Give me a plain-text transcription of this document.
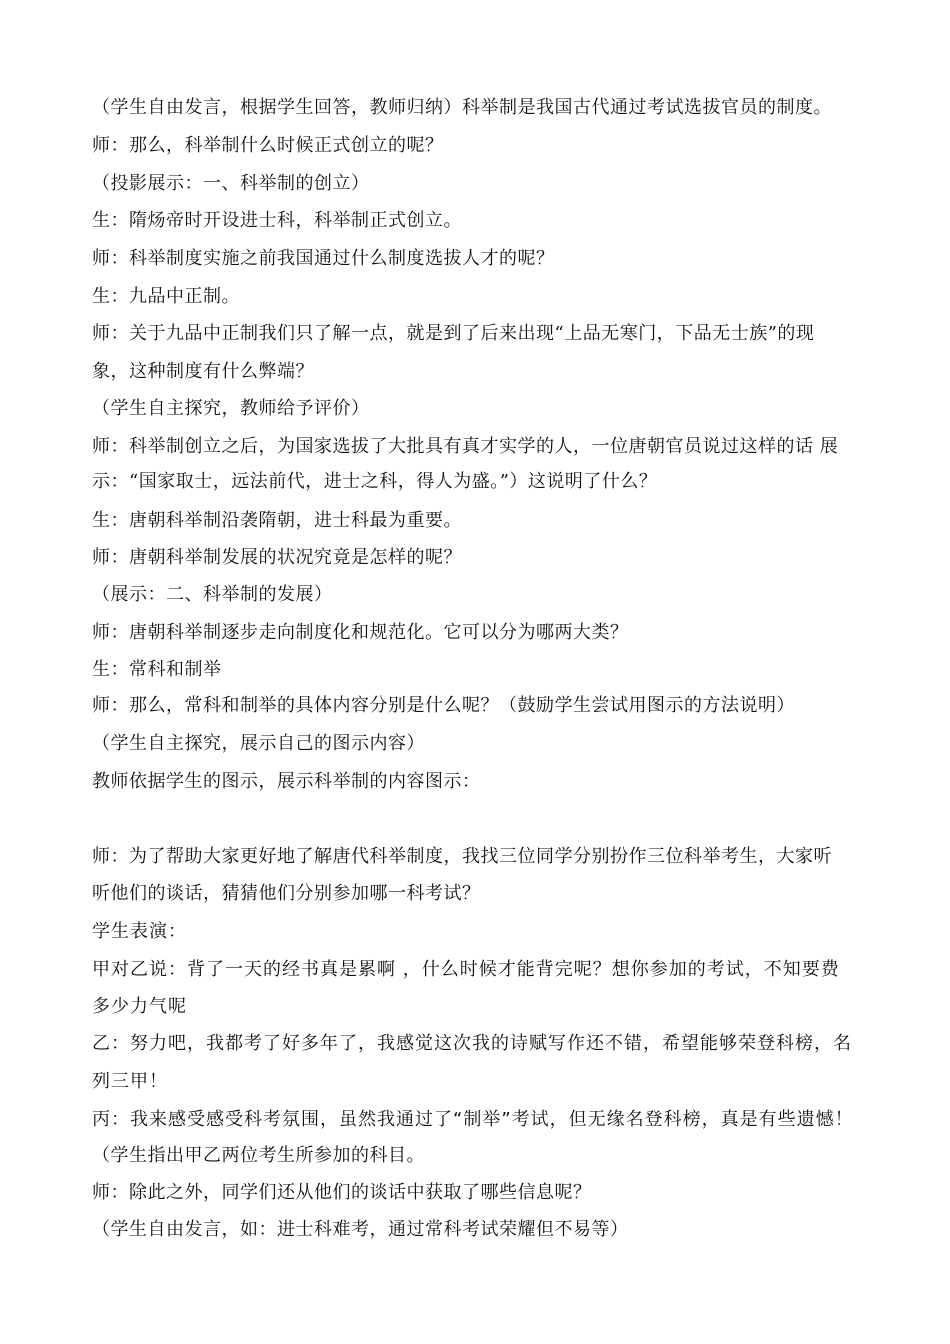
（学生自由发言，根据学生回答，教师归纳）科举制是我国古代通过考试选拔官员的制度。
师：那么，科举制什么时候正式创立的呢？
（投影展示：一、科举制的创立）
生：隋炀帝时开设进士科，科举制正式创立。
师：科举制度实施之前我国通过什么制度选拔人才的呢？
生：九品中正制。
师：关于九品中正制我们只了解一点，就是到了后来出现“上品无寒门，下品无士族”的现
象，这种制度有什么弊端？
（学生自主探究，教师给予评价）
师：科举制创立之后，为国家选拔了大批具有真才实学的人，一位唐朝官员说过这样的话 展
示：“国家取士，远法前代，进士之科，得人为盛。”）这说明了什么？
生：唐朝科举制沿袭隋朝，进士科最为重要。
师：唐朝科举制发展的状况究竟是怎样的呢？
（展示：二、科举制的发展）
师：唐朝科举制逐步走向制度化和规范化。它可以分为哪两大类？
生：常科和制举
师：那么，常科和制举的具体内容分别是什么呢？（鼓励学生尝试用图示的方法说明）
（学生自主探究，展示自己的图示内容）
教师依据学生的图示，展示科举制的内容图示：
师：为了帮助大家更好地了解唐代科举制度，我找三位同学分别扮作三位科举考生，大家听
听他们的谈话，猜猜他们分别参加哪一科考试？
学生表演：
甲对乙说：背了一天的经书真是累啊 ，什么时候才能背完呢？想你参加的考试，不知要费
多少力气呢
乙：努力吧，我都考了好多年了，我感觉这次我的诗赋写作还不错，希望能够荣登科榜，名
列三甲！
丙：我来感受感受科考氛围，虽然我通过了“制举”考试，但无缘名登科榜，真是有些遗憾！
（学生指出甲乙两位考生所参加的科目。
师：除此之外，同学们还从他们的谈话中获取了哪些信息呢？
（学生自由发言，如：进士科难考，通过常科考试荣耀但不易等）
